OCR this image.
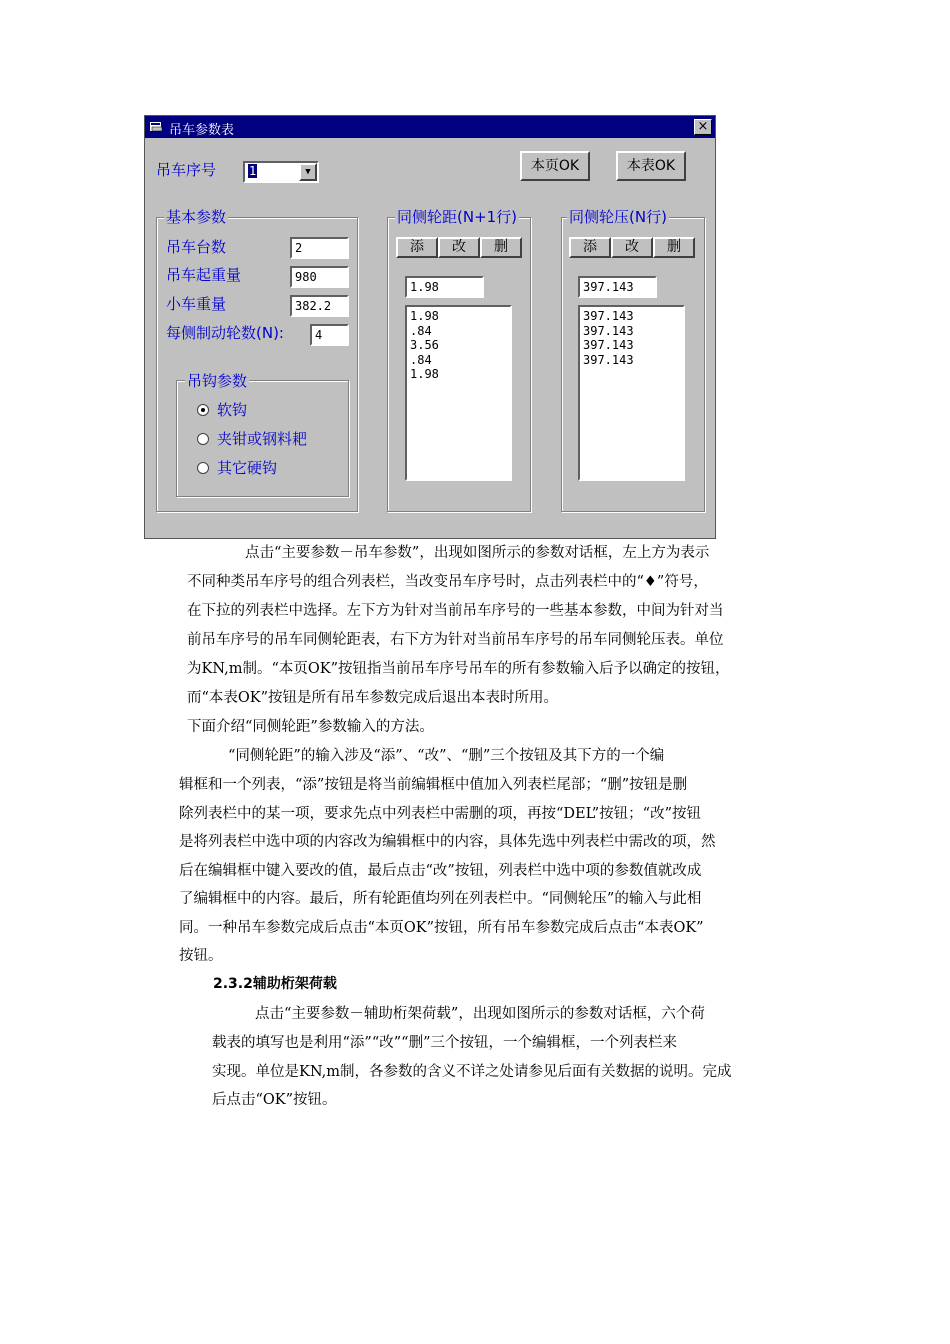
吊车参数表	×
吊车序号	1	▼	本页OK	本表OK
基本参数
吊车台数	2
吊车起重量	980
小车重量	382.2
每侧制动轮数(N):	4
吊钩参数
软钩
夹钳或钢料耙
其它硬钩
同侧轮距(N+1行)
添	改	删
1.98
1.98
.84
3.56
.84
1.98
同侧轮压(N行)
添	改	删
397.143
397.143
397.143
397.143
397.143
点击“主要参数－吊车参数”，出现如图所示的参数对话框，左上方为表示
不同种类吊车序号的组合列表栏，当改变吊车序号时，点击列表栏中的“♦”符号，
在下拉的列表栏中选择。左下方为针对当前吊车序号的一些基本参数，中间为针对当
前吊车序号的吊车同侧轮距表，右下方为针对当前吊车序号的吊车同侧轮压表。单位
为KN,m制。“本页OK”按钮指当前吊车序号吊车的所有参数输入后予以确定的按钮，
而“本表OK”按钮是所有吊车参数完成后退出本表时所用。
下面介绍“同侧轮距”参数输入的方法。
“同侧轮距”的输入涉及“添”、“改”、“删”三个按钮及其下方的一个编
辑框和一个列表，“添”按钮是将当前编辑框中值加入列表栏尾部；“删”按钮是删
除列表栏中的某一项，要求先点中列表栏中需删的项，再按“DEL”按钮；“改”按钮
是将列表栏中选中项的内容改为编辑框中的内容，具体先选中列表栏中需改的项，然
后在编辑框中键入要改的值，最后点击“改”按钮，列表栏中选中项的参数值就改成
了编辑框中的内容。最后，所有轮距值均列在列表栏中。“同侧轮压”的输入与此相
同。一种吊车参数完成后点击“本页OK”按钮，所有吊车参数完成后点击“本表OK”
按钮。
2.3.2辅助桁架荷载
点击“主要参数－辅助桁架荷载”，出现如图所示的参数对话框，六个荷
载表的填写也是利用“添”“改”“删”三个按钮，一个编辑框，一个列表栏来
实现。单位是KN,m制，各参数的含义不详之处请参见后面有关数据的说明。完成
后点击“OK”按钮。
